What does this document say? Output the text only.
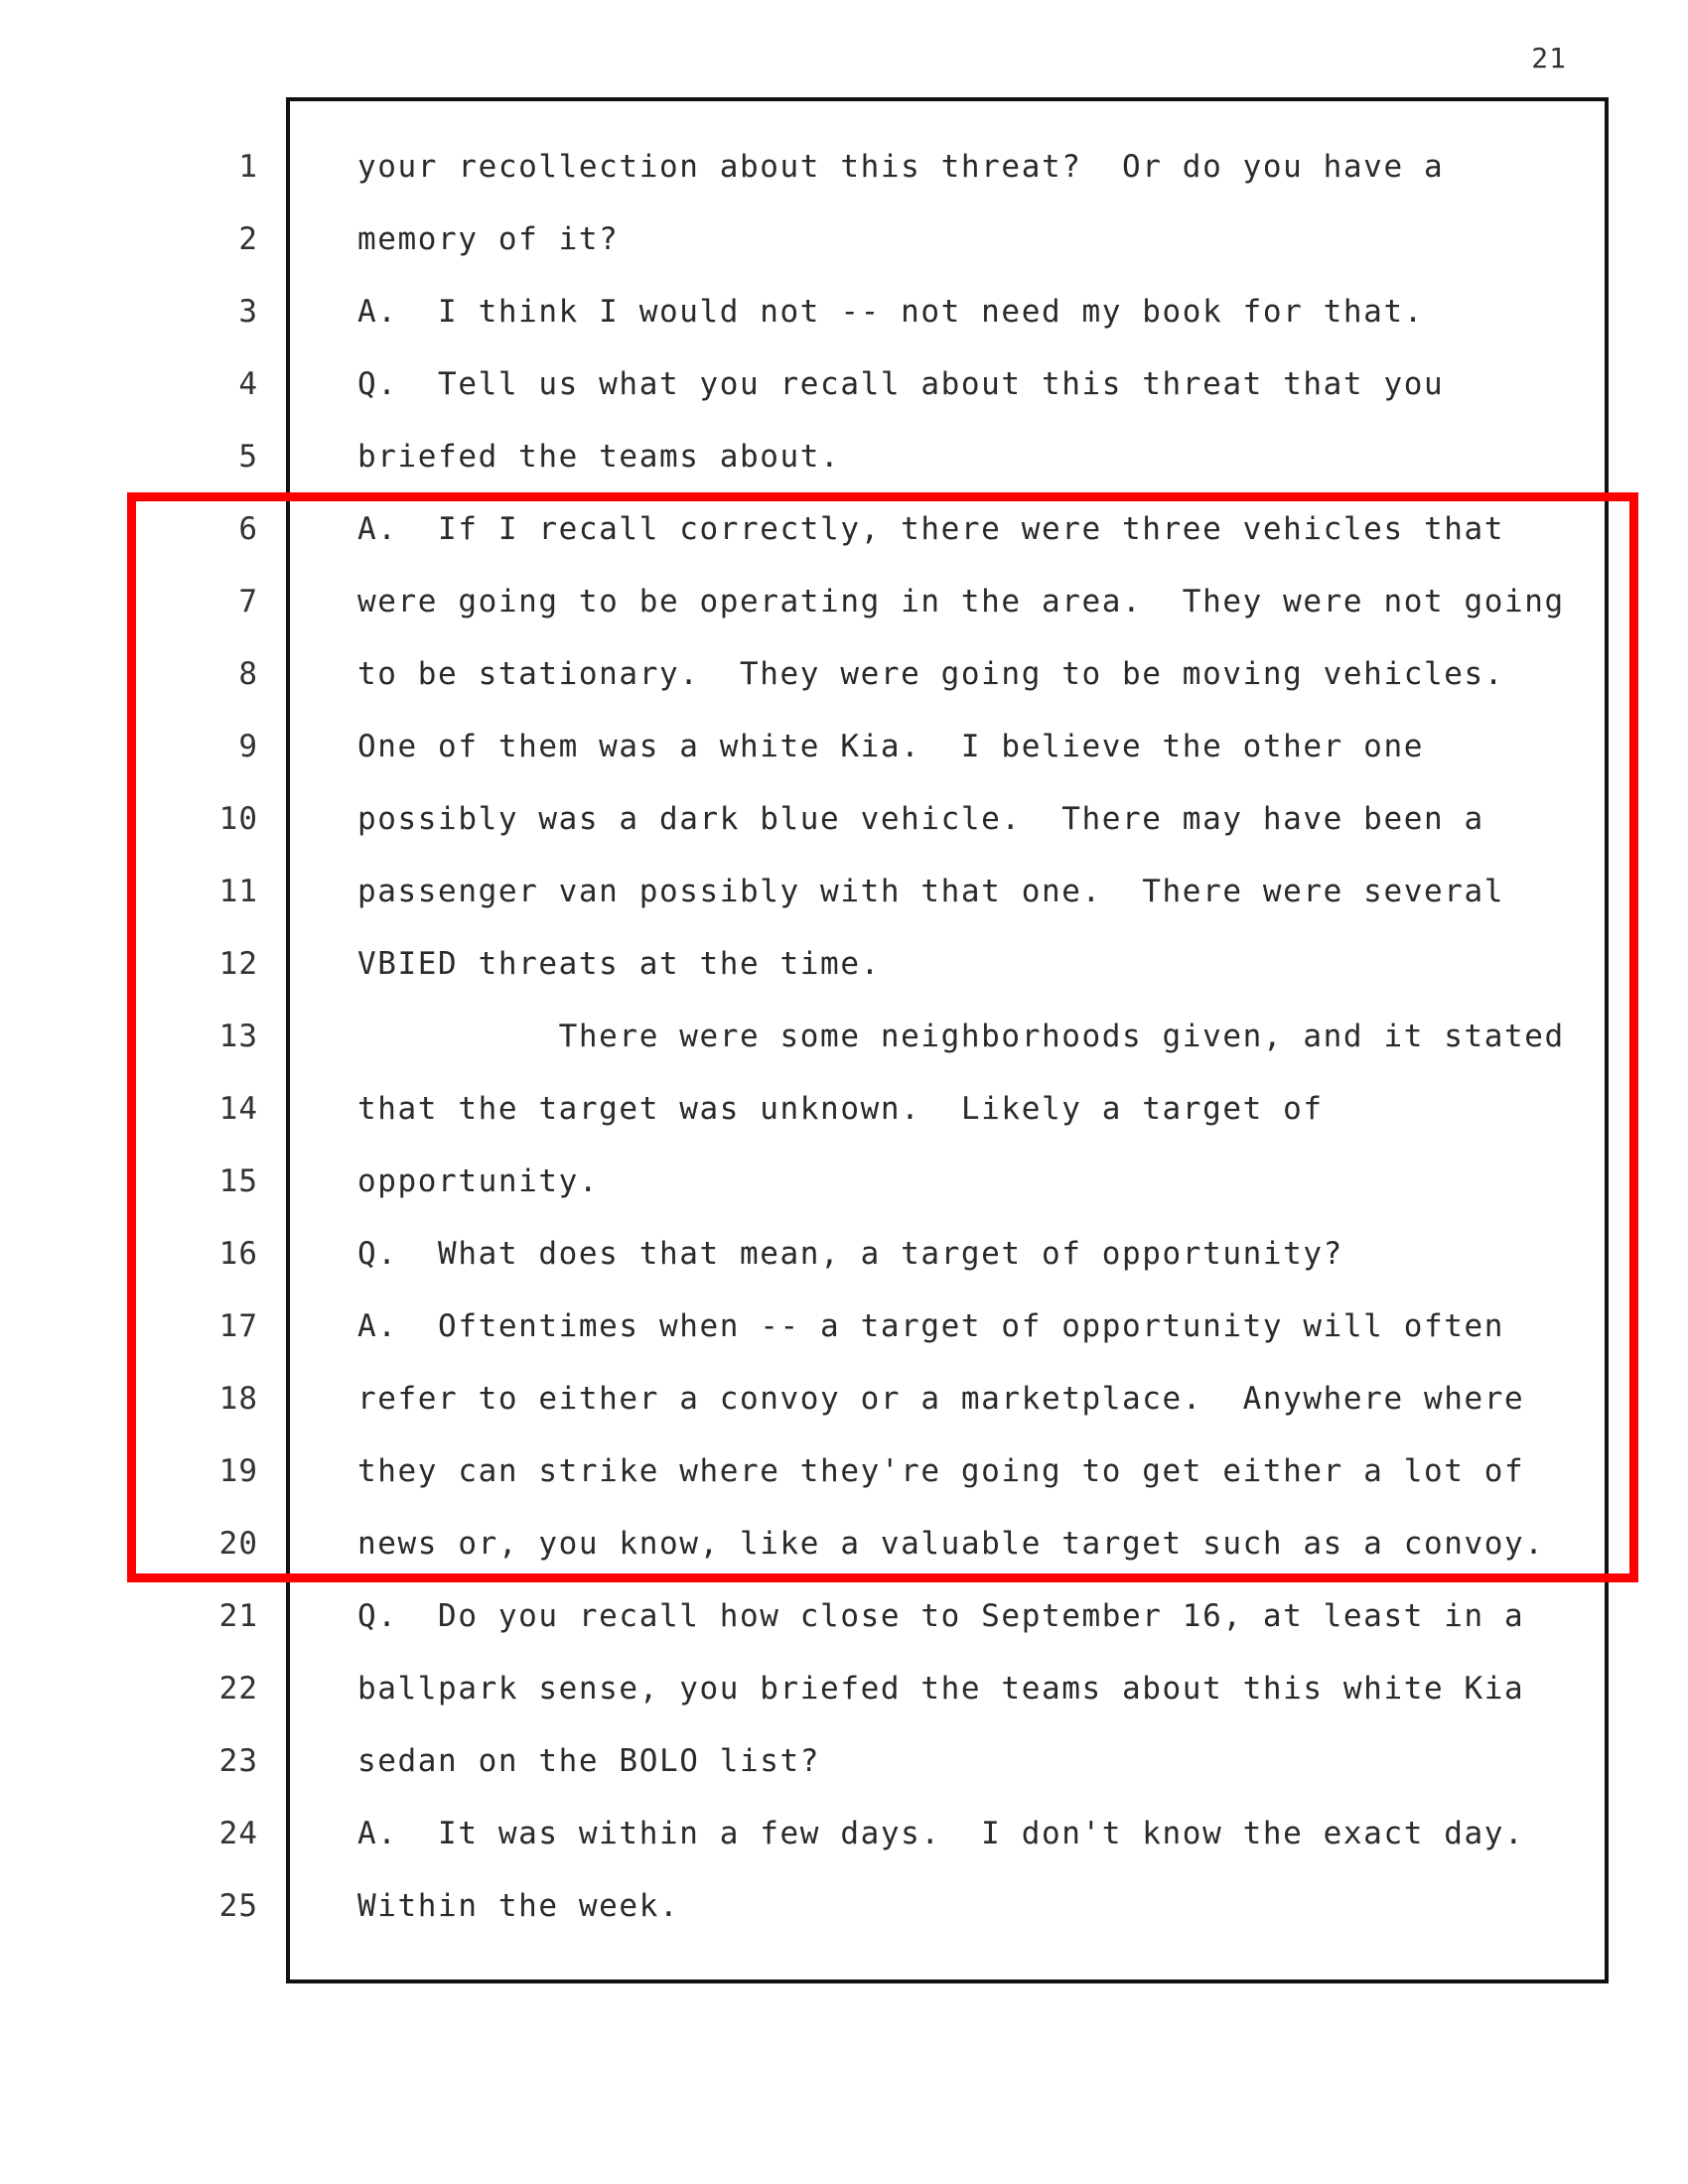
21
1
2
3
4
5
6
7
8
9
10
11
12
13
14
15
16
17
18
19
20
21
22
23
24
25
your recollection about this threat?  Or do you have a
memory of it?
A.  I think I would not -- not need my book for that.
Q.  Tell us what you recall about this threat that you
briefed the teams about.
A.  If I recall correctly, there were three vehicles that
were going to be operating in the area.  They were not going
to be stationary.  They were going to be moving vehicles.
One of them was a white Kia.  I believe the other one
possibly was a dark blue vehicle.  There may have been a
passenger van possibly with that one.  There were several
VBIED threats at the time.
There were some neighborhoods given, and it stated
that the target was unknown.  Likely a target of
opportunity.
Q.  What does that mean, a target of opportunity?
A.  Oftentimes when -- a target of opportunity will often
refer to either a convoy or a marketplace.  Anywhere where
they can strike where they're going to get either a lot of
news or, you know, like a valuable target such as a convoy.
Q.  Do you recall how close to September 16, at least in a
ballpark sense, you briefed the teams about this white Kia
sedan on the BOLO list?
A.  It was within a few days.  I don't know the exact day.
Within the week.
